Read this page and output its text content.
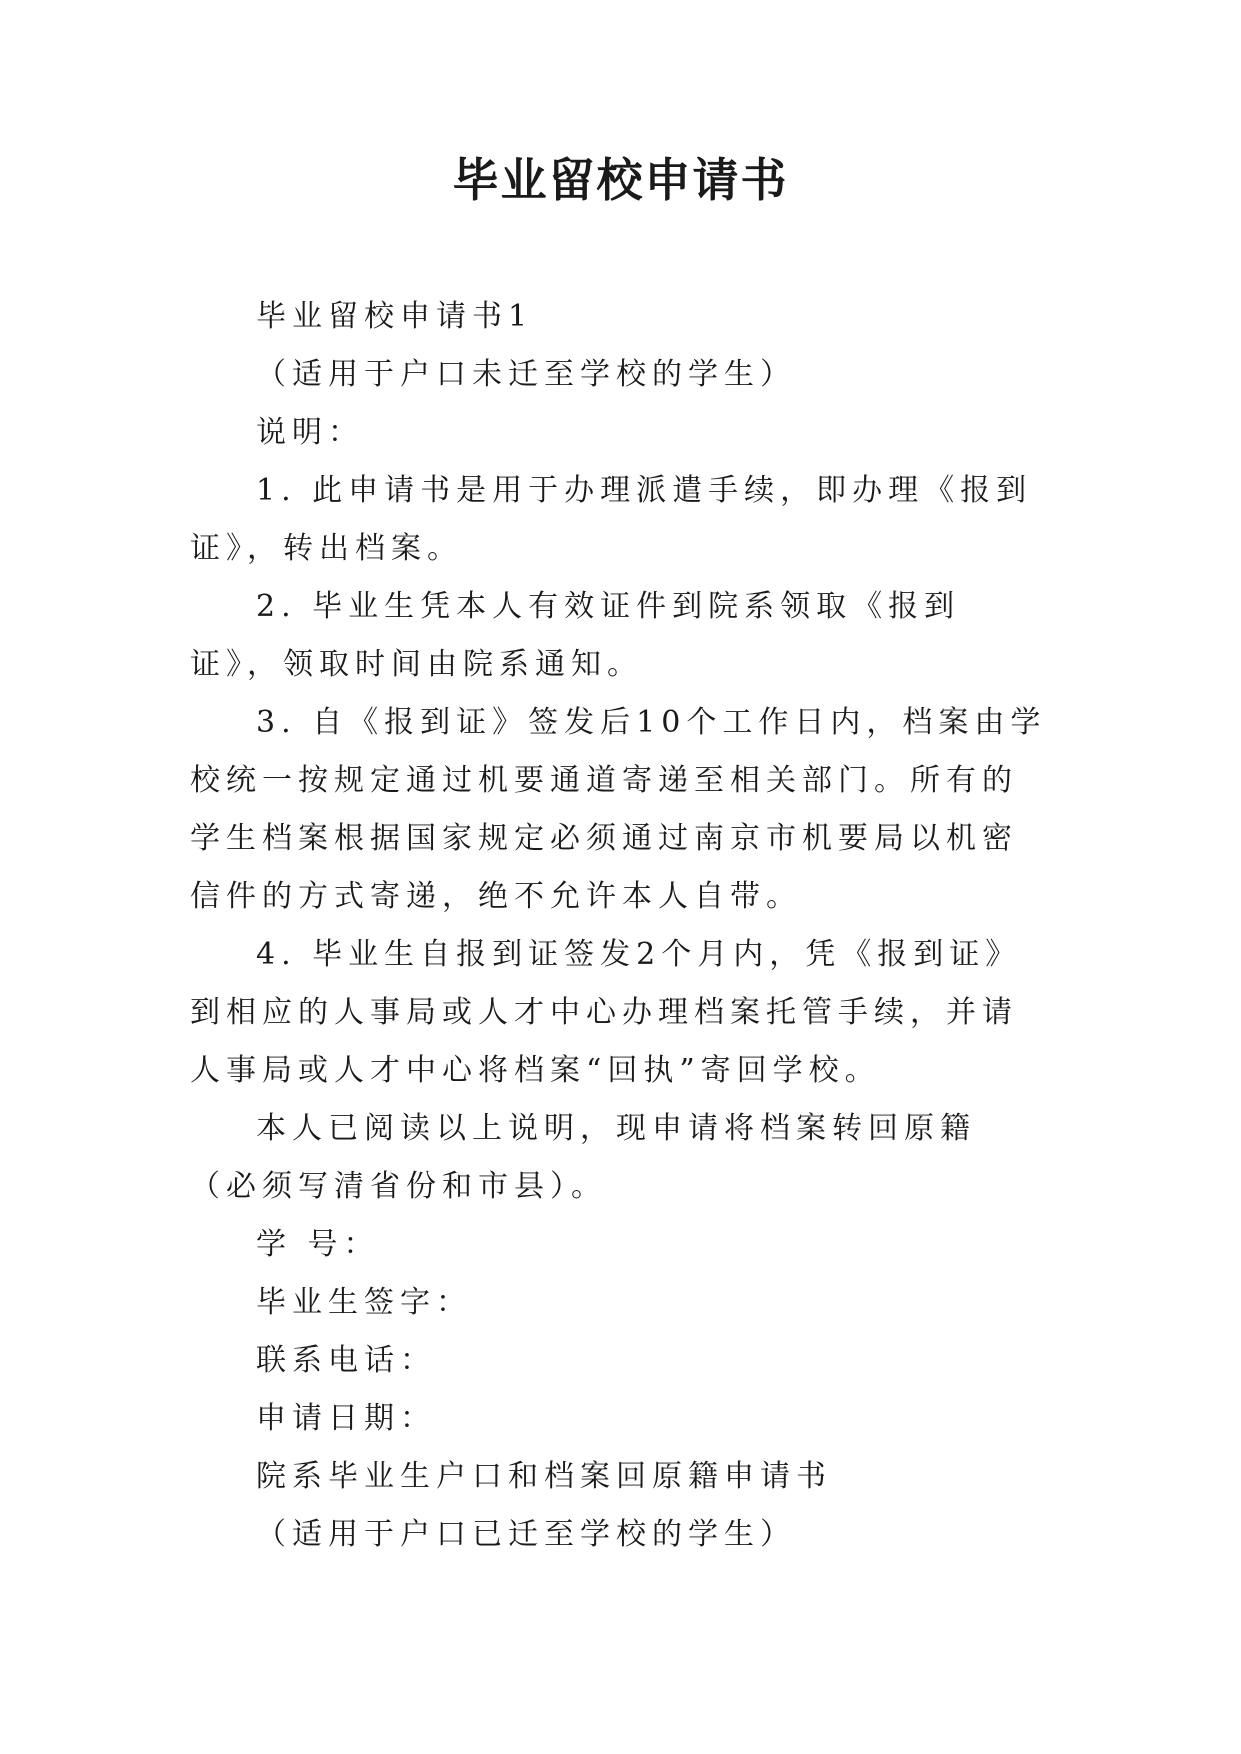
毕业留校申请书

毕业留校申请书1

（适用于户口未迁至学校的学生）

说明：

1. 此申请书是用于办理派遣手续，即办理《报到证》，转出档案。

2. 毕业生凭本人有效证件到院系领取《报到证》，领取时间由院系通知。

3. 自《报到证》签发后10个工作日内，档案由学校统一按规定通过机要通道寄递至相关部门。所有的学生档案根据国家规定必须通过南京市机要局以机密信件的方式寄递，绝不允许本人自带。

4. 毕业生自报到证签发2个月内，凭《报到证》到相应的人事局或人才中心办理档案托管手续，并请人事局或人才中心将档案“回执”寄回学校。

本人已阅读以上说明，现申请将档案转回原籍 （必须写清省份和市县）。

学 号：

毕业生签字：

联系电话：

申请日期：

院系毕业生户口和档案回原籍申请书

（适用于户口已迁至学校的学生）
